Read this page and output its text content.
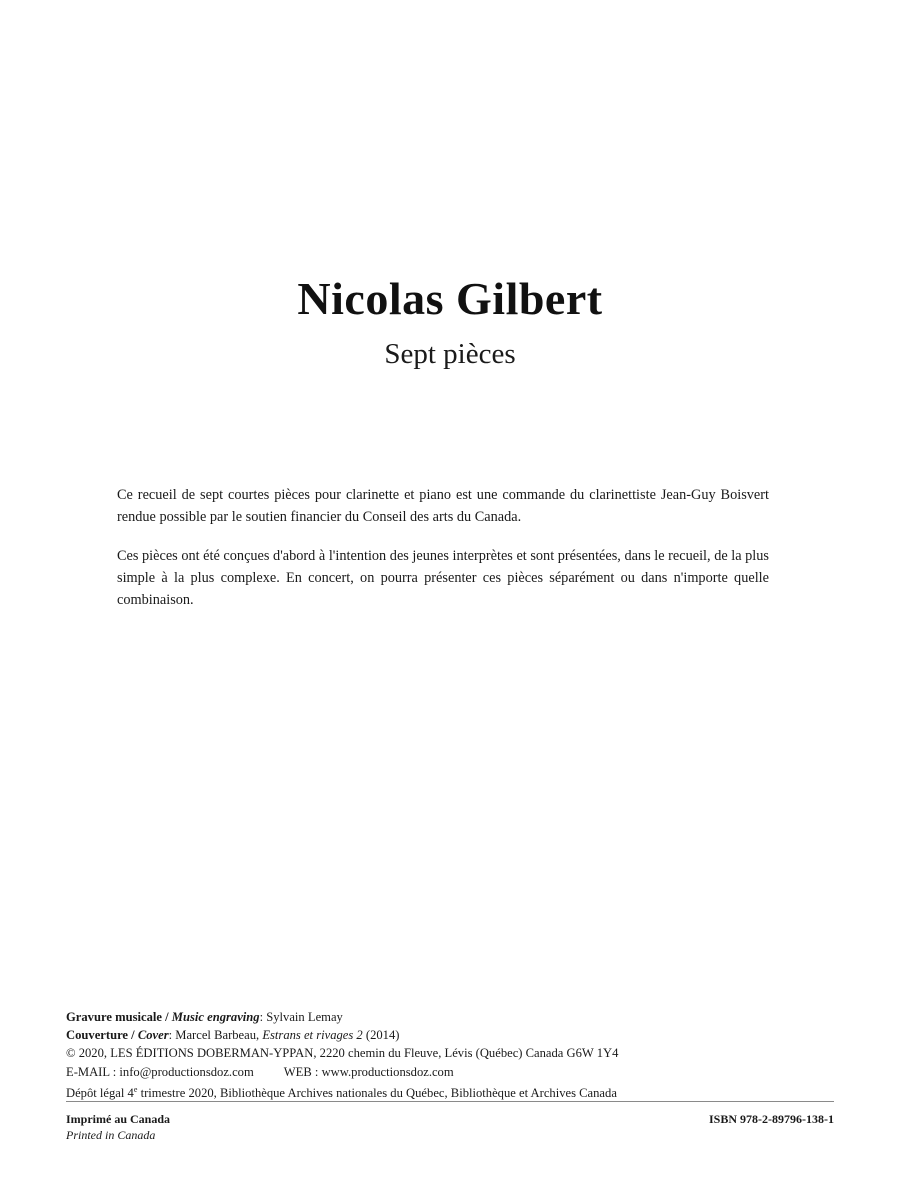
Nicolas Gilbert
Sept pièces

Ce recueil de sept courtes pièces pour clarinette et piano est une commande du clarinettiste Jean-Guy Boisvert rendue possible par le soutien financier du Conseil des arts du Canada.

Ces pièces ont été conçues d'abord à l'intention des jeunes interprètes et sont présentées, dans le recueil, de la plus simple à la plus complexe. En concert, on pourra présenter ces pièces séparément ou dans n'importe quelle combinaison.

Gravure musicale / Music engraving: Sylvain Lemay
Couverture / Cover: Marcel Barbeau, Estrans et rivages 2 (2014)
© 2020, LES ÉDITIONS DOBERMAN-YPPAN, 2220 chemin du Fleuve, Lévis (Québec) Canada G6W 1Y4
E-MAIL : info@productionsdoz.com WEB : www.productionsdoz.com
Dépôt légal 4e trimestre 2020, Bibliothèque Archives nationales du Québec, Bibliothèque et Archives Canada
Imprimé au Canada
Printed in Canada
ISBN 978-2-89796-138-1
